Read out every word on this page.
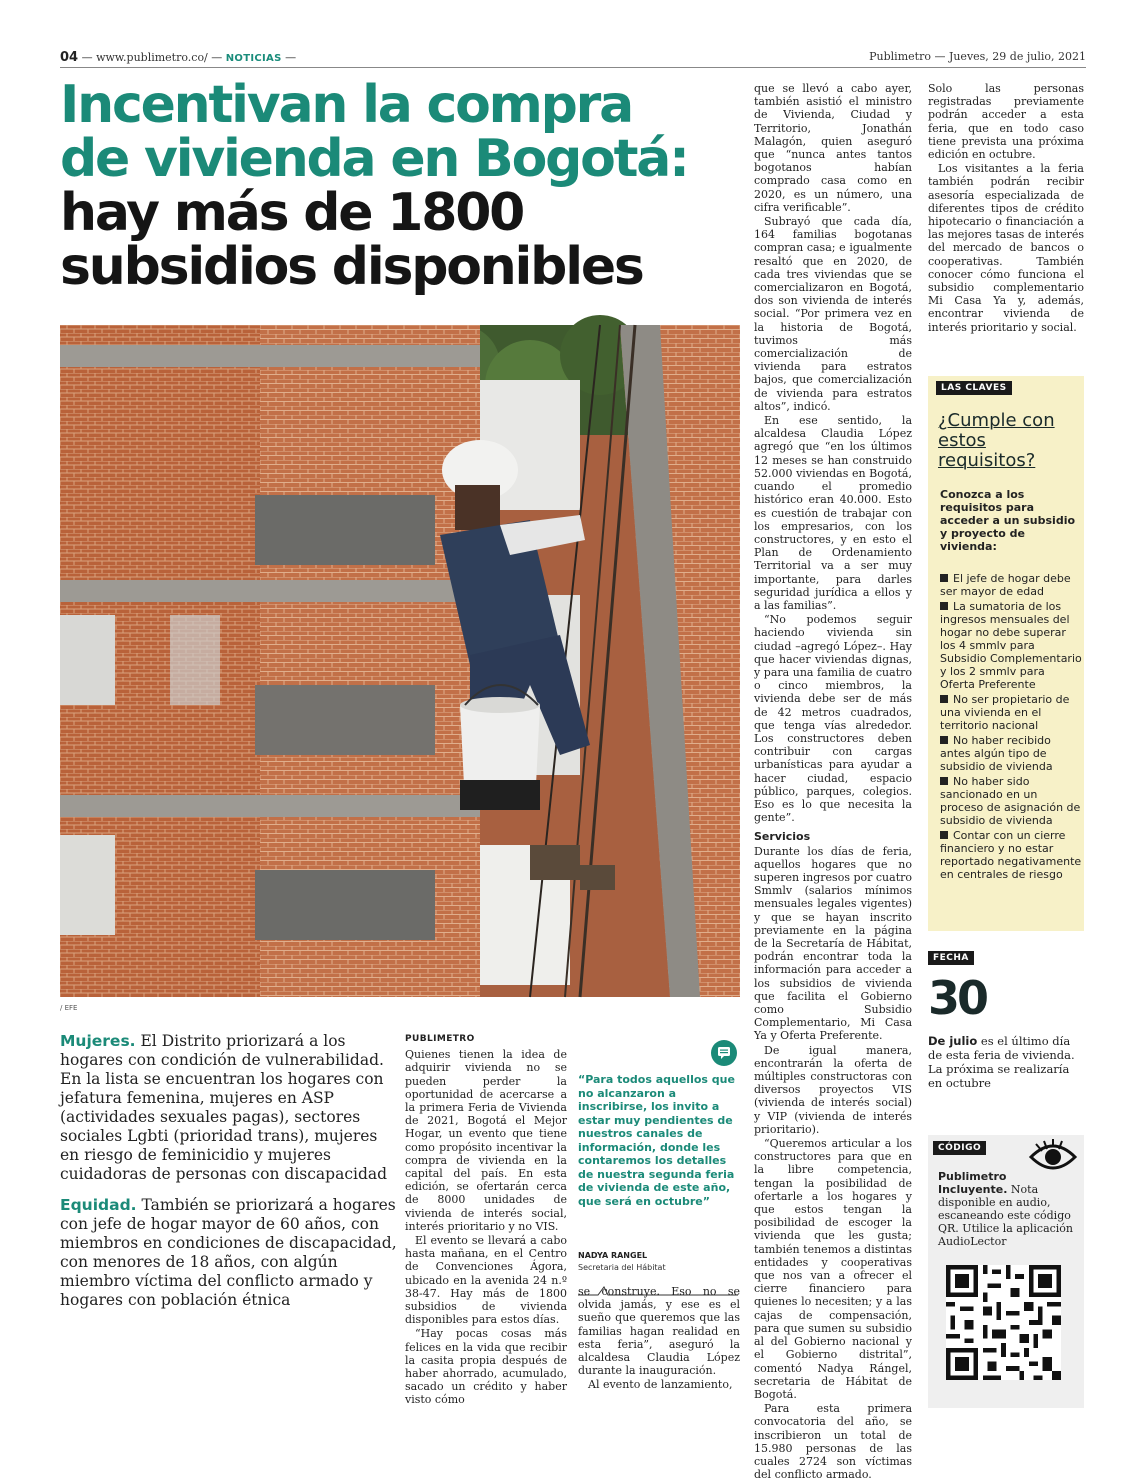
04 — www.publimetro.co/ — NOTICIAS —	Publimetro — Jueves, 29 de julio, 2021
Incentivan la compra
de vivienda en Bogotá:
hay más de 1800
subsidios disponibles
/ EFE

Mujeres. El Distrito priorizará a los hogares con condición de vulnerabilidad. En la lista se encuentran los hogares con jefatura femenina, mujeres en ASP (actividades sexuales pagas), sectores sociales Lgbti (prioridad trans), mujeres en riesgo de feminicidio y mujeres cuidadoras de personas con discapacidad

Equidad. También se priorizará a hogares con jefe de hogar mayor de 60 años, con miembros en condiciones de discapacidad, con menores de 18 años, con algún miembro víctima del conflicto armado y hogares con población étnica

PUBLIMETRO

Quienes tienen la idea de adquirir vivienda no se pueden perder la oportunidad de acercarse a la primera Feria de Vivienda de 2021, Bogotá el Mejor Hogar, un evento que tiene como propósito incentivar la compra de vivienda en la capital del país. En esta edición, se ofertarán cerca de 8000 unidades de vivienda de interés social, interés prioritario y no VIS.

El evento se llevará a cabo hasta mañana, en el Centro de Convenciones Ágora, ubicado en la avenida 24 n.º 38-47. Hay más de 1800 subsidios de vivienda disponibles para estos días.

“Hay pocas cosas más felices en la vida que recibir la casita propia después de haber ahorrado, acumulado, sacado un crédito y haber visto cómo

“Para todos aquellos que no alcanzaron a inscribirse, los invito a estar muy pendientes de nuestros canales de información, donde les contaremos los detalles de nuestra segunda feria de vivienda de este año, que será en octubre”
NADYA RANGEL
Secretaria del Hábitat

se construye. Eso no se olvida jamás, y ese es el sueño que queremos que las familias hagan realidad en esta feria”, aseguró la alcaldesa Claudia López durante la inauguración.

Al evento de lanzamiento,

que se llevó a cabo ayer, también asistió el ministro de Vivienda, Ciudad y Territorio, Jonathán Malagón, quien aseguró que “nunca antes tantos bogotanos habían comprado casa como en 2020, es un número, una cifra verificable”.

Subrayó que cada día, 164 familias bogotanas compran casa; e igualmente resaltó que en 2020, de cada tres viviendas que se comercializaron en Bogotá, dos son vivienda de interés social. “Por primera vez en la historia de Bogotá, tuvimos más comercialización de vivienda para estratos bajos, que comercialización de vivienda para estratos altos”, indicó.

En ese sentido, la alcaldesa Claudia López agregó que “en los últimos 12 meses se han construido 52.000 viviendas en Bogotá, cuando el promedio histórico eran 40.000. Esto es cuestión de trabajar con los empresarios, con los constructores, y en esto el Plan de Ordenamiento Territorial va a ser muy importante, para darles seguridad jurídica a ellos y a las familias”.

“No podemos seguir haciendo vivienda sin ciudad –agregó López–. Hay que hacer viviendas dignas, y para una familia de cuatro o cinco miembros, la vivienda debe ser de más de 42 metros cuadrados, que tenga vías alrededor. Los constructores deben contribuir con cargas urbanísticas para ayudar a hacer ciudad, espacio público, parques, colegios. Eso es lo que necesita la gente”.

Servicios

Durante los días de feria, aquellos hogares que no superen ingresos por cuatro Smmlv (salarios mínimos mensuales legales vigentes) y que se hayan inscrito previamente en la página de la Secretaría de Hábitat, podrán encontrar toda la información para acceder a los subsidios de vivienda que facilita el Gobierno como Subsidio Complementario, Mi Casa Ya y Oferta Preferente.

De igual manera, encontrarán la oferta de múltiples constructoras con diversos proyectos VIS (vivienda de interés social) y VIP (vivienda de interés prioritario).

“Queremos articular a los constructores para que en la libre competencia, tengan la posibilidad de ofertarle a los hogares y que estos tengan la posibilidad de escoger la vivienda que les gusta; también tenemos a distintas entidades y cooperativas que nos van a ofrecer el cierre financiero para quienes lo necesiten; y a las cajas de compensación, para que sumen su subsidio al del Gobierno nacional y el Gobierno distrital”, comentó Nadya Rángel, secretaria de Hábitat de Bogotá.

Para esta primera convocatoria del año, se inscribieron un total de 15.980 personas de las cuales 2724 son víctimas del conflicto armado.

Solo las personas registradas previamente podrán acceder a esta feria, que en todo caso tiene prevista una próxima edición en octubre.

Los visitantes a la feria también podrán recibir asesoría especializada de diferentes tipos de crédito hipotecario o financiación a las mejores tasas de interés del mercado de bancos o cooperativas. También conocer cómo funciona el subsidio complementario Mi Casa Ya y, además, encontrar vivienda de interés prioritario y social.

LAS CLAVES
¿Cumple con estos requisitos?
Conozca a los requisitos para acceder a un subsidio y proyecto de vivienda:
El jefe de hogar debe ser mayor de edad
La sumatoria de los ingresos mensuales del hogar no debe superar los 4 smmlv para Subsidio Complementario y los 2 smmlv para Oferta Preferente
No ser propietario de una vivienda en el territorio nacional
No haber recibido antes algún tipo de subsidio de vivienda
No haber sido sancionado en un proceso de asignación de subsidio de vivienda
Contar con un cierre financiero y no estar reportado negativamente en centrales de riesgo
FECHA
30
De julio es el último día de esta feria de vivienda. La próxima se realizaría en octubre
CÓDIGO
Publimetro Incluyente. Nota disponible en audio, escaneando este código QR. Utilice la aplicación AudioLector
